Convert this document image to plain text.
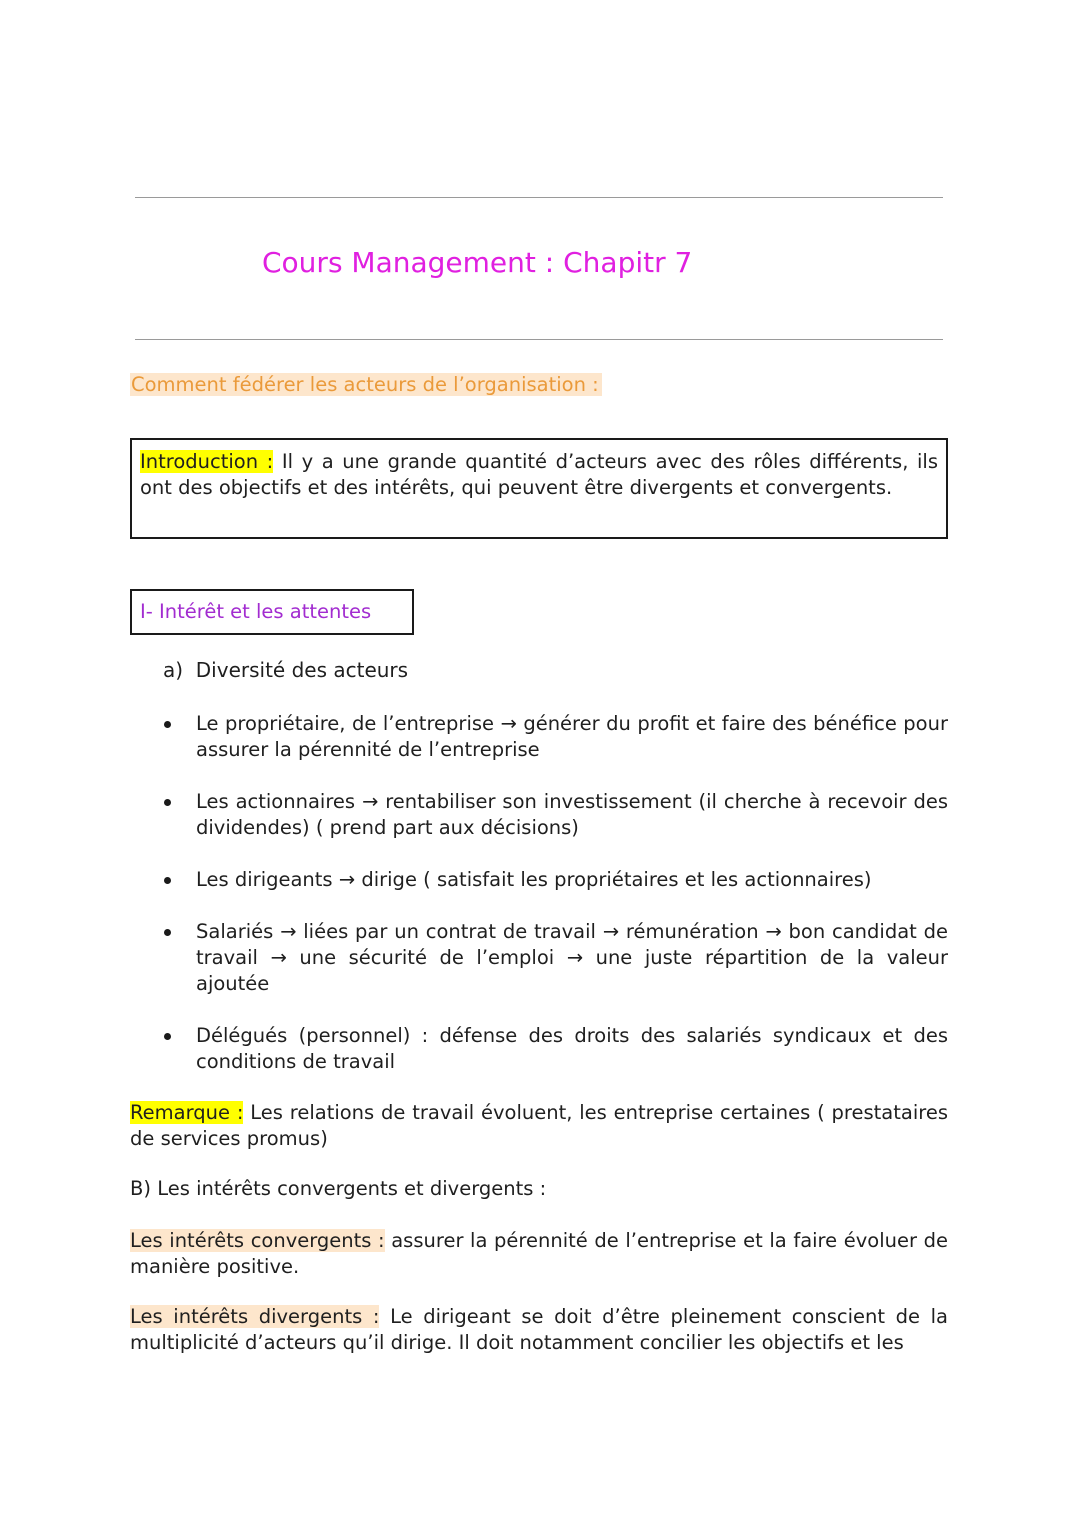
Cours Management : Chapitr 7
Comment fédérer les acteurs de l’organisation :
Introduction : Il y a une grande quantité d’acteurs avec des rôles différents, ils ont des objectifs et des intérêts, qui peuvent être divergents et convergents.
I- Intérêt et les attentes
a) Diversité des acteurs
Le propriétaire, de l’entreprise → générer du profit et faire des bénéfice pour assurer la pérennité de l’entreprise
Les actionnaires → rentabiliser son investissement (il cherche à recevoir des dividendes) ( prend part aux décisions)
Les dirigeants → dirige ( satisfait les propriétaires et les actionnaires)
Salariés → liées par un contrat de travail → rémunération → bon candidat de travail → une sécurité de l’emploi → une juste répartition de la valeur ajoutée
Délégués (personnel) : défense des droits des salariés syndicaux et des conditions de travail
Remarque : Les relations de travail évoluent, les entreprise certaines ( prestataires de services promus)
B) Les intérêts convergents et divergents :
Les intérêts convergents : assurer la pérennité de l’entreprise et la faire évoluer de manière positive.
Les intérêts divergents : Le dirigeant se doit d’être pleinement conscient de la multiplicité d’acteurs qu’il dirige. Il doit notamment concilier les objectifs et les
